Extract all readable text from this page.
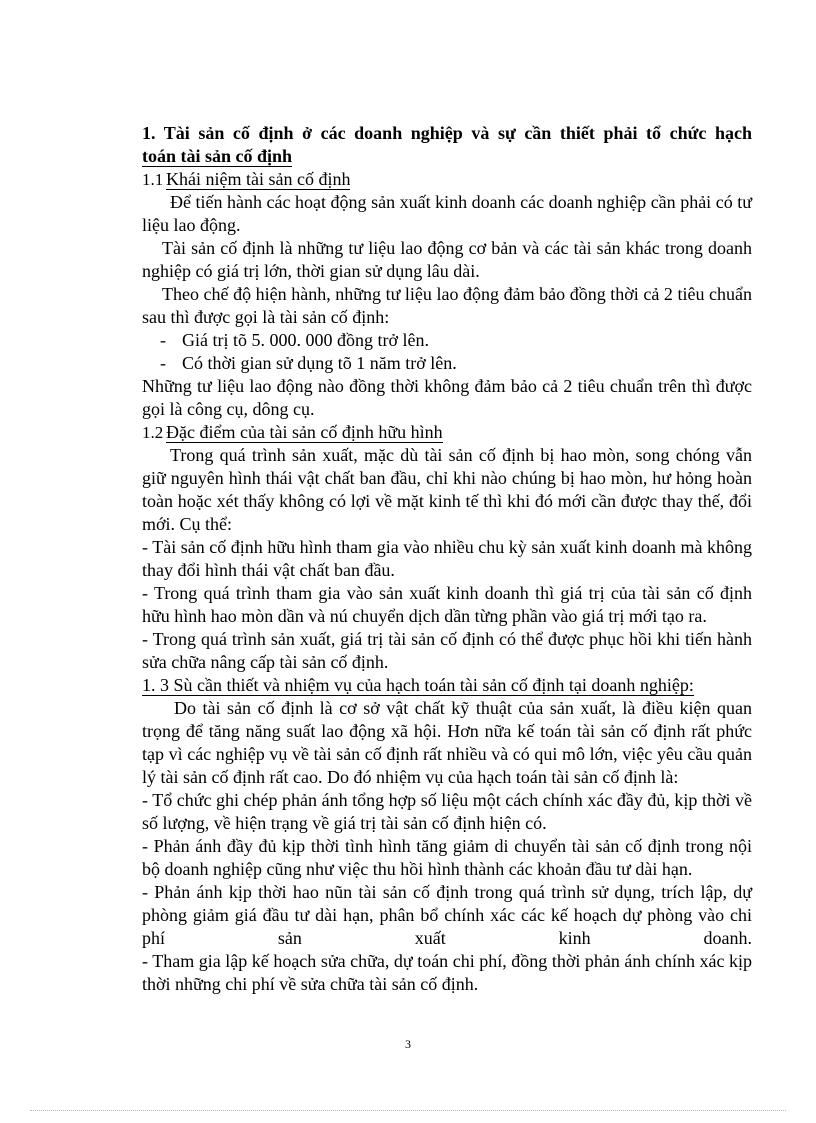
1. Tài sản cố định ở các doanh nghiệp và sự cần thiết phải tổ chức hạch

toán tài sản cố định

1.1 Khái niệm tài sản cố định

Để tiến hành các hoạt động sản xuất kinh doanh các doanh nghiệp cần phải có tư liệu lao động.

Tài sản cố định là những tư liệu lao động cơ bản và các tài sản khác trong doanh nghiệp có giá trị lớn, thời gian sử dụng lâu dài.

Theo chế độ hiện hành, những tư liệu lao động đảm bảo đồng thời cả 2 tiêu chuẩn sau thì được gọi là tài sản cố định:

- Giá trị tõ 5. 000. 000 đồng trở lên.
- Có thời gian sử dụng tõ 1 năm trở lên.

Những tư liệu lao động nào đồng thời không đảm bảo cả 2 tiêu chuẩn trên thì được gọi là công cụ, dông cụ.

1.2 Đặc điểm của tài sản cố định hữu hình

Trong quá trình sản xuất, mặc dù tài sản cố định bị hao mòn, song chóng vẫn giữ nguyên hình thái vật chất ban đầu, chỉ khi nào chúng bị hao mòn, hư hỏng hoàn toàn hoặc xét thấy không có lợi về mặt kinh tế thì khi đó mới cần được thay thế, đổi mới. Cụ thể:

- Tài sản cố định hữu hình tham gia vào nhiều chu kỳ sản xuất kinh doanh mà không thay đổi hình thái vật chất ban đầu.

- Trong quá trình tham gia vào sản xuất kinh doanh thì giá trị của tài sản cố định hữu hình hao mòn dần và nú chuyển dịch dần từng phần vào giá trị mới tạo ra.

- Trong quá trình sản xuất, giá trị tài sản cố định có thể được phục hồi khi tiến hành sửa chữa nâng cấp tài sản cố định.

1. 3 Sù cần thiết và nhiệm vụ của hạch toán tài sản cố định tại doanh nghiệp:

Do tài sản cố định là cơ sở vật chất kỹ thuật của sản xuất, là điều kiện quan trọng để tăng năng suất lao động xã hội. Hơn nữa kế toán tài sản cố định rất phức tạp vì các nghiệp vụ về tài sản cố định rất nhiều và có qui mô lớn, việc yêu cầu quản lý tài sản cố định rất cao. Do đó nhiệm vụ của hạch toán tài sản cố định là:

- Tổ chức ghi chép phản ánh tổng hợp số liệu một cách chính xác đầy đủ, kịp thời về số lượng, về hiện trạng về giá trị tài sản cố định hiện có.

- Phản ánh đầy đủ kịp thời tình hình tăng giảm di chuyển tài sản cố định trong nội bộ doanh nghiệp cũng như việc thu hồi hình thành các khoản đầu tư dài hạn.

- Phản ánh kịp thời hao nũn tài sản cố định trong quá trình sử dụng, trích lập, dự phòng giảm giá đầu tư dài hạn, phân bổ chính xác các kế hoạch dự phòng vào chi phí sản xuất kinh doanh.

- Tham gia lập kế hoạch sửa chữa, dự toán chi phí, đồng thời phản ánh chính xác kịp thời những chi phí về sửa chữa tài sản cố định.

3
